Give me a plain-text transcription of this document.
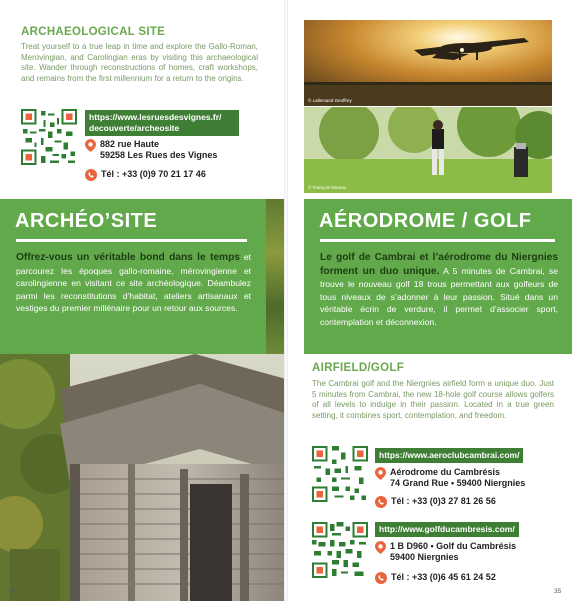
ARCHAEOLOGICAL SITE
Treat yourself to a true leap in time and explore the Gallo-Roman, Merovingian, and Carolingian eras by visiting this archaeological site. Wander through reconstructions of homes, craft workshops, and remains from the first millennium for a return to the origins.
https://www.lesruesdesvignes.fr/
decouverte/archeosite
882 rue Haute
59258 Les Rues des Vignes
Tél : +33 (0)9 70 21 17 46
ARCHÉO’SITE
Offrez-vous un véritable bond dans le temps et parcourez les époques gallo-romaine, mérovingienne et carolingienne en visitant ce site archéologique. Déambulez parmi les reconstitutions d’habitat, ateliers artisanaux et vestiges du premier millénaire pour un retour aux sources.
34
© Lallemand Geoffrey
© François Moreau
AÉRODROME / GOLF
Le golf de Cambrai et l’aérodrome du Niergnies forment un duo unique. A 5 minutes de Cambrai, se trouve le nouveau golf 18 trous permettant aux golfeurs de tous niveaux de s’adonner à leur passion. Situé dans un véritable écrin de verdure, il permet d’associer sport, contemplation et déconnexion.
AIRFIELD/GOLF
The Cambrai golf and the Niergnies airfield form a unique duo. Just 5 minutes from Cambrai, the new 18-hole golf course allows golfers of all levels to indulge in their passion. Located in a true green setting, it combines sport, contemplation, and freedom.
https://www.aeroclubcambrai.com/
Aérodrome du Cambrésis
74 Grand Rue • 59400 Niergnies
Tél : +33 (0)3 27 81 26 56
http://www.golfducambresis.com/
1 B D960 • Golf du Cambrésis
59400 Niergnies
Tél : +33 (0)6 45 61 24 52
35
